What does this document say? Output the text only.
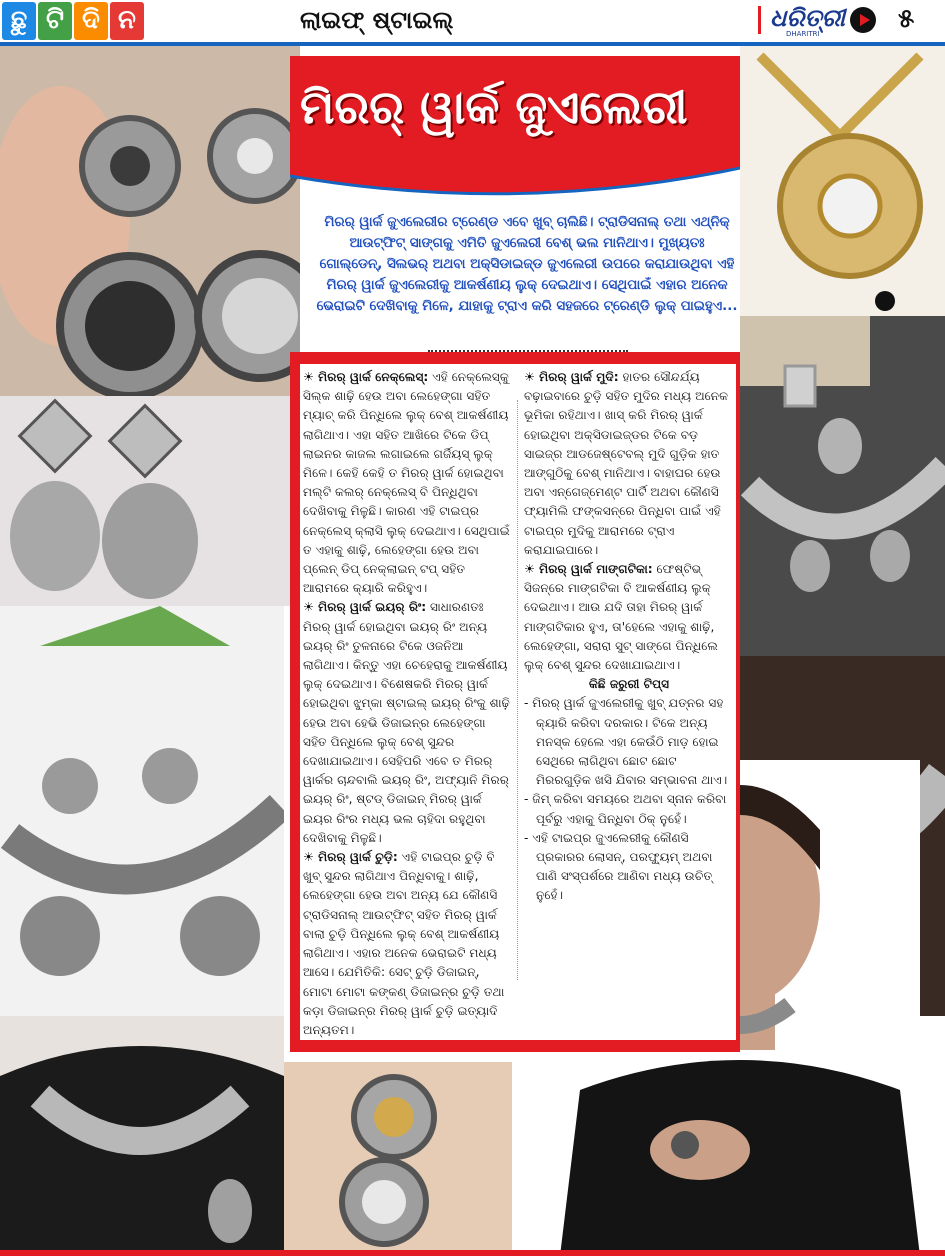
ଛୁ ଟି ଦି ନ	ଲାଇଫ୍ ଷ୍ଟାଇଲ୍	ଧରିତ୍ରୀ
DHARITRI	୫
ମିରର୍ ୱାର୍କ ଜୁଏଲେରୀ
ମିରର୍ ୱାର୍କ ଜୁଏଲେରୀର ଟ୍ରେଣ୍ଡ ଏବେ ଖୁବ୍ ଚାଲିଛି। ଟ୍ରାଡିସନାଲ୍ ତଥା ଏଥ୍ନିକ୍ ଆଉଟ୍‌ଫିଟ୍ ସାଙ୍ଗକୁ ଏମିତି ଜୁଏଲେରୀ ବେଶ୍ ଭଲ ମାନିଥାଏ। ମୁଖ୍ୟତଃ ଗୋଲ୍ଡେନ୍, ସିଲଭର୍ ଅଥବା ଅକ୍ସିଡାଇଜ୍ଡ ଜୁଏଲେରୀ ଉପରେ କରାଯାଉଥିବା ଏହି ମିରର୍ ୱାର୍କ ଜୁଏଲେରୀକୁ ଆକର୍ଷଣୀୟ ଲୁକ୍ ଦେଇଥାଏ। ସେଥିପାଇଁ ଏହାର ଅନେକ ଭେରାଇଟି ଦେଖିବାକୁ ମିଳେ, ଯାହାକୁ ଟ୍ରାଏ କରି ସହଜରେ ଟ୍ରେଣ୍ଡି ଲୁକ୍ ପାଇହୁଏ...

☀ ମିରର୍ ୱାର୍କ ନେକ୍‌ଲେସ୍: ଏହି ନେକ୍‌ଲେସ୍‌କୁ ସିଲ୍କ ଶାଢ଼ି ହେଉ ଅବା ଲେହେଙ୍ଗା ସହିତ ମ୍ୟାଚ୍ କରି ପିନ୍ଧିଲେ ଲୁକ୍ ବେଶ୍ ଆକର୍ଷଣୀୟ ଲାଗିଥାଏ। ଏହା ସହିତ ଆଖିରେ ଟିକେ ଡିପ୍ ଲାଇନର କାଜଲ ଲଗାଇଲେ ଗର୍ଜିୟସ୍ ଲୁକ୍ ମିଳେ। କେହି କେହି ତ ମିରର୍ ୱାର୍କ ହୋଇଥିବା ମଲ୍ଟି କଲର୍ ନେକ୍‌ଲେସ୍ ବି ପିନ୍ଧିଥିବା ଦେଖିବାକୁ ମିଳୁଛି। କାରଣ ଏହି ଟାଇପ୍‌ର ନେକ୍‌ଲେସ୍ କ୍ଲାସି ଲୁକ୍ ଦେଇଥାଏ। ସେଥିପାଇଁ ତ ଏହାକୁ ଶାଢ଼ି, ଲେହେଙ୍ଗା ହେଉ ଅବା ପ୍ଲେନ୍ ଡିପ୍ ନେକ୍‌ଲାଇନ୍ ଟପ୍ ସହିତ ଆରାମରେ କ୍ୟାରି କରିହୁଏ।

☀ ମିରର୍ ୱାର୍କ ଇୟର୍ ରିଂ: ସାଧାରଣତଃ ମିରର୍ ୱାର୍କ ହୋଇଥିବା ଇୟର୍ ରିଂ ଅନ୍ୟ ଇୟର୍ ରିଂ ତୁଳନାରେ ଟିକେ ଓଜନିଆ ଲାଗିଥାଏ। କିନ୍ତୁ ଏହା ଚେହେରାକୁ ଆକର୍ଷଣୀୟ ଲୁକ୍ ଦେଇଥାଏ। ବିଶେଷକରି ମିରର୍ ୱାର୍କ ହୋଇଥିବା ଝୁମ୍‌କା ଷ୍ଟାଇଲ୍ ଇୟର୍ ରିଂକୁ ଶାଢ଼ି ହେଉ ଅବା ହେଭି ଡିଜାଇନ୍‌ର ଲେହେଙ୍ଗା ସହିତ ପିନ୍ଧିଲେ ଲୁକ୍ ବେଶ୍ ସୁନ୍ଦର ଦେଖାଯାଇଥାଏ। ସେହିପରି ଏବେ ତ ମିରର୍ ୱାର୍କର ଚାନ୍ଦବାଲି ଇୟର୍ ରିଂ, ଅଫ୍ୟାନି ମିରର୍ ଇୟର୍ ରିଂ, ଷ୍ଟଡ୍ ଡିଜାଇନ୍ ମିରର୍ ୱାର୍କ ଇୟର ରିଂର ମଧ୍ୟ ଭଲ ଚାହିଦା ରହୁଥିବା ଦେଖିବାକୁ ମିଳୁଛି।

☀ ମିରର୍ ୱାର୍କ ଚୁଡ଼ି: ଏହି ଟାଇପ୍‌ର ଚୁଡ଼ି ବି ଖୁବ୍ ସୁନ୍ଦର ଲାଗିଥାଏ ପିନ୍ଧିବାକୁ। ଶାଢ଼ି, ଲେହେଙ୍ଗା ହେଉ ଅବା ଅନ୍ୟ ଯେ କୌଣସି ଟ୍ରାଡିସନାଲ୍ ଆଉଟ୍‌ଫିଟ୍ ସହିତ ମିରର୍ ୱାର୍କ ବାଲା ଚୁଡ଼ି ପିନ୍ଧିଲେ ଲୁକ୍ ବେଶ୍ ଆକର୍ଷଣୀୟ ଲାଗିଥାଏ। ଏହାର ଅନେକ ଭେରାଇଟି ମଧ୍ୟ ଆସେ। ଯେମିତିକି: ସେଟ୍ ଚୁଡ଼ି ଡିଜାଇନ୍, ମୋଟା ମୋଟା କଙ୍କଣ୍ ଡିଜାଇନ୍‌ର ଚୁଡ଼ି ତଥା କଡ଼ା ଡିଜାଇନ୍‌ର ମିରର୍ ୱାର୍କ ଚୁଡ଼ି ଇତ୍ୟାଦି ଅନ୍ୟତମ।

☀ ମିରର୍ ୱାର୍କ ମୁଦି: ହାତର ସୌନ୍ଦର୍ଯ୍ୟ ବଢ଼ାଇବାରେ ଚୁଡ଼ି ସହିତ ମୁଦିର ମଧ୍ୟ ଅନେକ ଭୂମିକା ରହିଥାଏ। ଖାସ୍ କରି ମିରର୍ ୱାର୍କ ହୋଇଥିବା ଅକ୍ସିଡାଇଜ୍ଡର ଟିକେ ବଡ଼ ସାଇଜ୍‌ର ଆଡଜେଷ୍ଟେବଲ୍ ମୁଦି ଗୁଡ଼ିକ ହାତ ଆଙ୍ଗୁଠିକୁ ବେଶ୍ ମାନିଥାଏ। ବାହାଘର ହେଉ ଅବା ଏନ୍‌ଗେଜ୍‌ମେଣ୍ଟ ପାର୍ଟି ଅଥବା କୌଣସି ଫ୍ୟାମିଲି ଫଙ୍କସନ୍‌ରେ ପିନ୍ଧିବା ପାଇଁ ଏହି ଟାଇପ୍‌ର ମୁଦିକୁ ଆରାମରେ ଟ୍ରାଏ କରାଯାଇପାରେ।

☀ ମିରର୍ ୱାର୍କ ମାଙ୍ଗଟିକା: ଫେଷ୍ଟିଭ୍ ସିଜନ୍‌ରେ ମାଙ୍ଗଟିକା ବି ଆକର୍ଷଣୀୟ ଲୁକ୍ ଦେଇଥାଏ। ଆଉ ଯଦି ତାହା ମିରର୍ ୱାର୍କ ମାଙ୍ଗଟିକାର ହୁଏ, ତା'ହେଲେ ଏହାକୁ ଶାଢ଼ି, ଲେହେଙ୍ଗା, ସରାରା ସୁଟ୍ ସାଙ୍ଗେ ପିନ୍ଧିଲେ ଲୁକ୍ ବେଶ୍ ସୁନ୍ଦର ଦେଖାଯାଇଥାଏ।

କିଛି ଜରୁରୀ ଟିପ୍ସ

- ମିରର୍ ୱାର୍କ ଜୁଏଲେରୀକୁ ଖୁବ୍ ଯତ୍ନର ସହ କ୍ୟାରି କରିବା ଦରକାର। ଟିକେ ଅନ୍ୟ ମନସ୍କ ହେଲେ ଏହା କେଉଁଠି ମାଡ଼ ହୋଇ ସେଥିରେ ଲାଗିଥିବା ଛୋଟ ଛୋଟ ମିରରଗୁଡ଼ିକ ଖସି ଯିବାର ସମ୍ଭାବନା ଥାଏ।

- ଜିମ୍ କରିବା ସମୟରେ ଅଥବା ସ୍ନାନ କରିବା ପୂର୍ବରୁ ଏହାକୁ ପିନ୍ଧିବା ଠିକ୍ ନୁହେଁ।

- ଏହି ଟାଇପ୍‌ର ଜୁଏଲେରୀକୁ କୌଣସି ପ୍ରକାରର ଲୋସନ୍, ପରଫ୍ୟୁମ୍ ଅଥବା ପାଣି ସଂସ୍ପର୍ଶରେ ଆଣିବା ମଧ୍ୟ ଉଚିତ୍ ନୁହେଁ।
